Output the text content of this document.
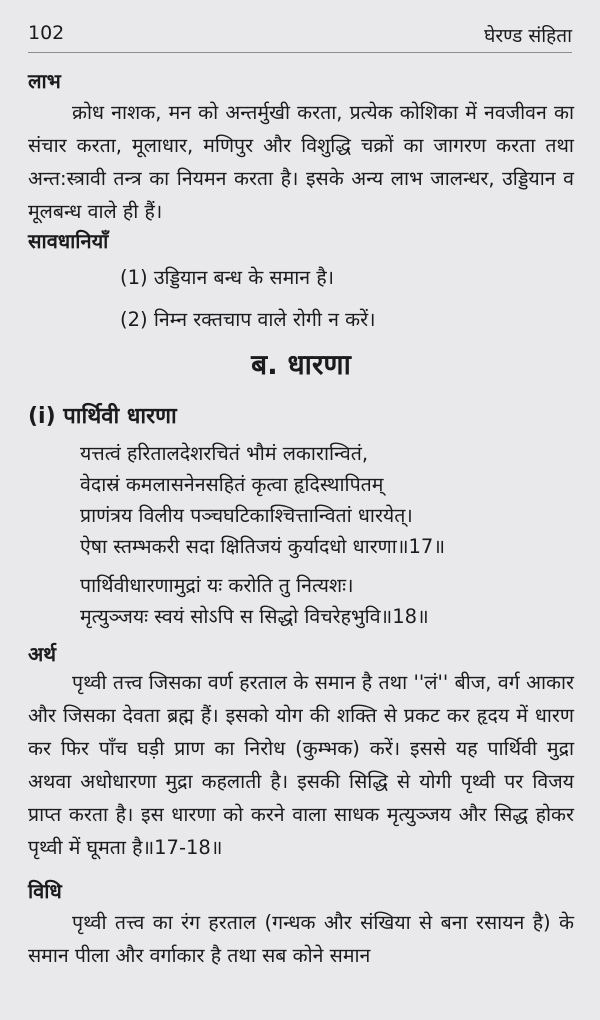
102	घेरण्ड संहिता
लाभ
क्रोध नाशक, मन को अन्तर्मुखी करता, प्रत्येक कोशिका में नवजीवन का संचार करता, मूलाधार, मणिपुर और विशुद्धि चक्रों का जागरण करता तथा अन्त:स्त्रावी तन्त्र का नियमन करता है। इसके अन्य लाभ जालन्धर, उड्डियान व मूलबन्ध वाले ही हैं।
सावधानियाँ
(1) उड्डियान बन्ध के समान है।
(2) निम्न रक्तचाप वाले रोगी न करें।
ब. धारणा
(i) पार्थिवी धारणा
यत्तत्वं हरितालदेशरचितं भौमं लकारान्वितं,
वेदास्रं कमलासनेनसहितं कृत्वा हृदिस्थापितम्
प्राणंत्रय विलीय पञ्चघटिकाश्चित्तान्वितां धारयेत्।
ऐषा स्तम्भकरी सदा क्षितिजयं कुर्यादधो धारणा॥17॥
पार्थिवीधारणामुद्रां यः करोति तु नित्यशः।
मृत्युञ्जयः स्वयं सोऽपि स सिद्धो विचरेहभुवि॥18॥
अर्थ
पृथ्वी तत्त्व जिसका वर्ण हरताल के समान है तथा ''लं'' बीज, वर्ग आकार और जिसका देवता ब्रह्म हैं। इसको योग की शक्ति से प्रकट कर हृदय में धारण कर फिर पाँच घड़ी प्राण का निरोध (कुम्भक) करें। इससे यह पार्थिवी मुद्रा अथवा अधोधारणा मुद्रा कहलाती है। इसकी सिद्धि से योगी पृथ्वी पर विजय प्राप्त करता है। इस धारणा को करने वाला साधक मृत्युञ्जय और सिद्ध होकर पृथ्वी में घूमता है॥17-18॥
विधि
पृथ्वी तत्त्व का रंग हरताल (गन्धक और संखिया से बना रसायन है) के समान पीला और वर्गाकार है तथा सब कोने समान
